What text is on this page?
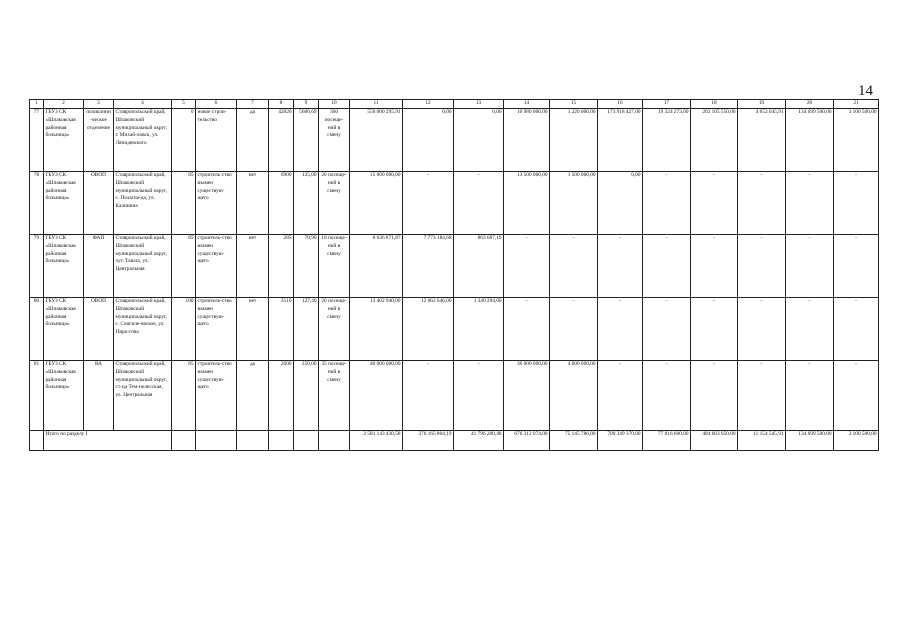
14
1	2	3	4	5	6	7	8	9	10	11	12	13	14	15	16	17	18	19	20	21
77	ГБУЗ СК «Шпаковская районная больница»	поликлини-ческое отделение	Ставропольский край, Шпаковский муниципальный округ, г. Михай-ловск, ул. Ляпидевского	0	новое строи-тельство	да	42826	5606,69	300 посеще-ний в смену	550 000 295,91	0,00	0,00	10 980 000,00	1 220 000,00	173 918 427,00	19 324 273,00	202 105 550,00	4 652 045,91	134 699 500,00	3 100 500,00
78	ГБУЗ СК «Шпаковская районная больница»	ОВОП	Ставропольский край, Шпаковский муниципальный округ, с. Пелагиа-да, ул. Калинина	85	строитель-ство взамен существую-щего	нет	6900	125,00	20 посеще-ний в смену	15 000 000,00	-	-	13 500 000,00	1 500 000,00	0,00	-	-	-	-	-
79	ГБУЗ СК «Шпаковская районная больница»	ФАП	Ставропольский край, Шпаковский муниципальный округ, хут. Ташла, ул. Центральная	85	строитель-ство взамен существую-щего	нет	285	70,90	10 посеще-ний в смену	8 636 871,87	7 773 184,68	863 687,19	-	-	-	-	-	-	-	-
80	ГБУЗ СК «Шпаковская районная больница»	ОВОП	Ставропольский край, Шпаковский муниципальный округ, с. Сенгиле-евское, ул. Пиро-гова	100	строитель-ство взамен существую-щего	нет	3510	127,40	20 посеще-ний в смену	13 402 940,00	12 062 646,00	1 340 294,00	-	-	-	-	-	-	-	-
81	ГБУЗ СК «Шпаковская районная больница»	ВА	Ставропольский край, Шпаковский муниципальный округ, ст-ца Тем-нолесская, ул. Центральная	85	строитель-ство взамен существую-щего	да	2600	250,00	35 посеще-ний в смену	40 000 000,00	-	-	36 000 000,00	4 000 000,00	-	-	-	-	-	-
	Итого по разделу I									2 581 143 430,58	376 165 804,19	41 796 200,48	676 312 074,00	75 145 786,00	700 349 370,00	77 816 600,00	484 603 050,00	11 154 545,91	134 699 500,00	3 100 500,00
